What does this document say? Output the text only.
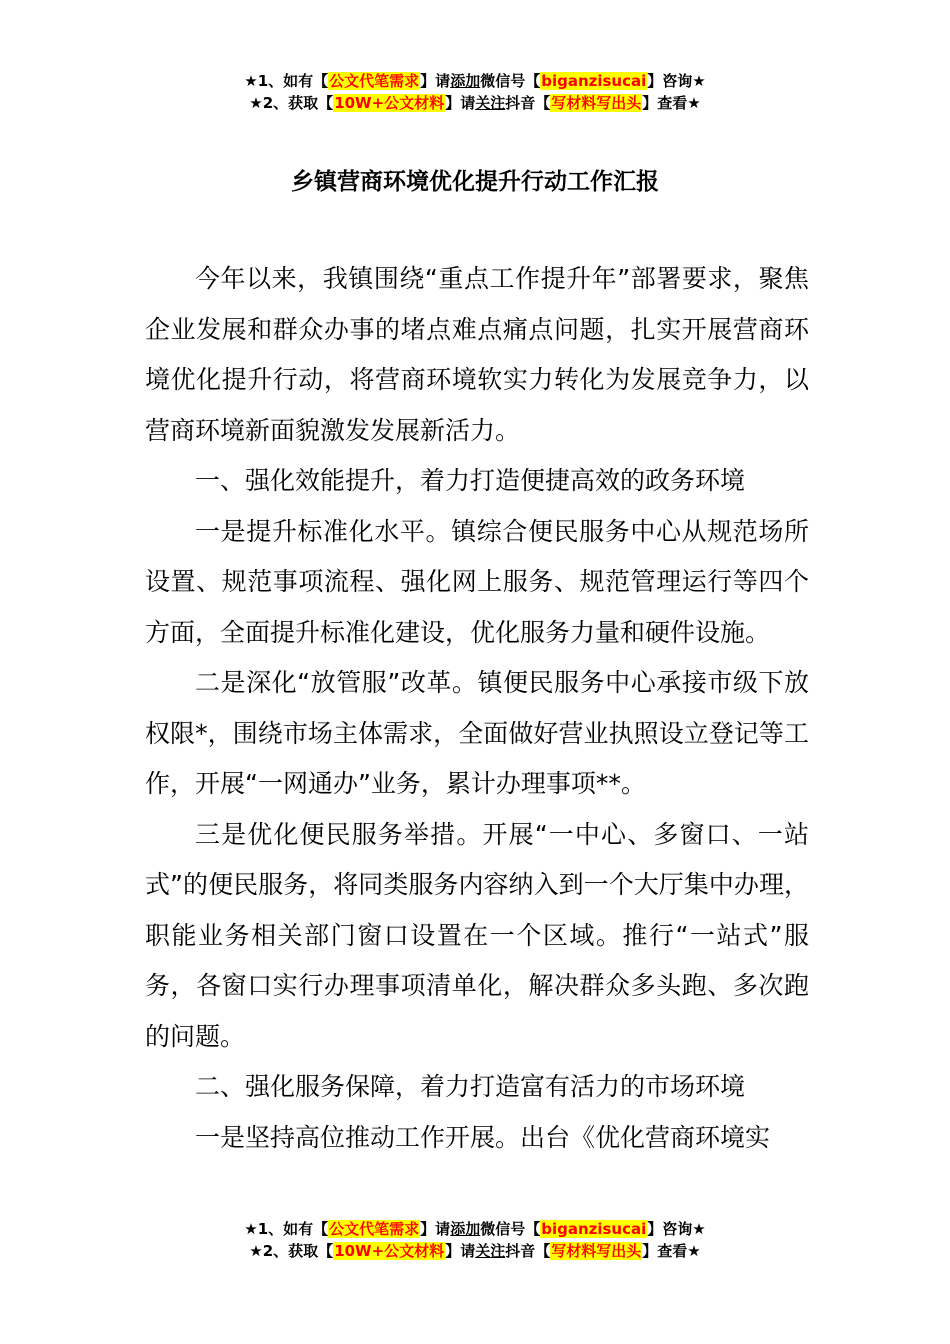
★1、如有【公文代笔需求】请添加微信号【biganzisucai】咨询★
★2、获取【10W+公文材料】请关注抖音【写材料写出头】查看★
乡镇营商环境优化提升行动工作汇报

今年以来，我镇围绕“重点工作提升年”部署要求，聚焦企业发展和群众办事的堵点难点痛点问题，扎实开展营商环境优化提升行动，将营商环境软实力转化为发展竞争力，以营商环境新面貌激发发展新活力。

一、强化效能提升，着力打造便捷高效的政务环境

一是提升标准化水平。镇综合便民服务中心从规范场所设置、规范事项流程、强化网上服务、规范管理运行等四个方面，全面提升标准化建设，优化服务力量和硬件设施。

二是深化“放管服”改革。镇便民服务中心承接市级下放权限*，围绕市场主体需求，全面做好营业执照设立登记等工作，开展“一网通办”业务，累计办理事项**。

三是优化便民服务举措。开展“一中心、多窗口、一站式”的便民服务，将同类服务内容纳入到一个大厅集中办理，职能业务相关部门窗口设置在一个区域。推行“一站式”服务，各窗口实行办理事项清单化，解决群众多头跑、多次跑的问题。

二、强化服务保障，着力打造富有活力的市场环境

一是坚持高位推动工作开展。出台《优化营商环境实

★1、如有【公文代笔需求】请添加微信号【biganzisucai】咨询★
★2、获取【10W+公文材料】请关注抖音【写材料写出头】查看★
